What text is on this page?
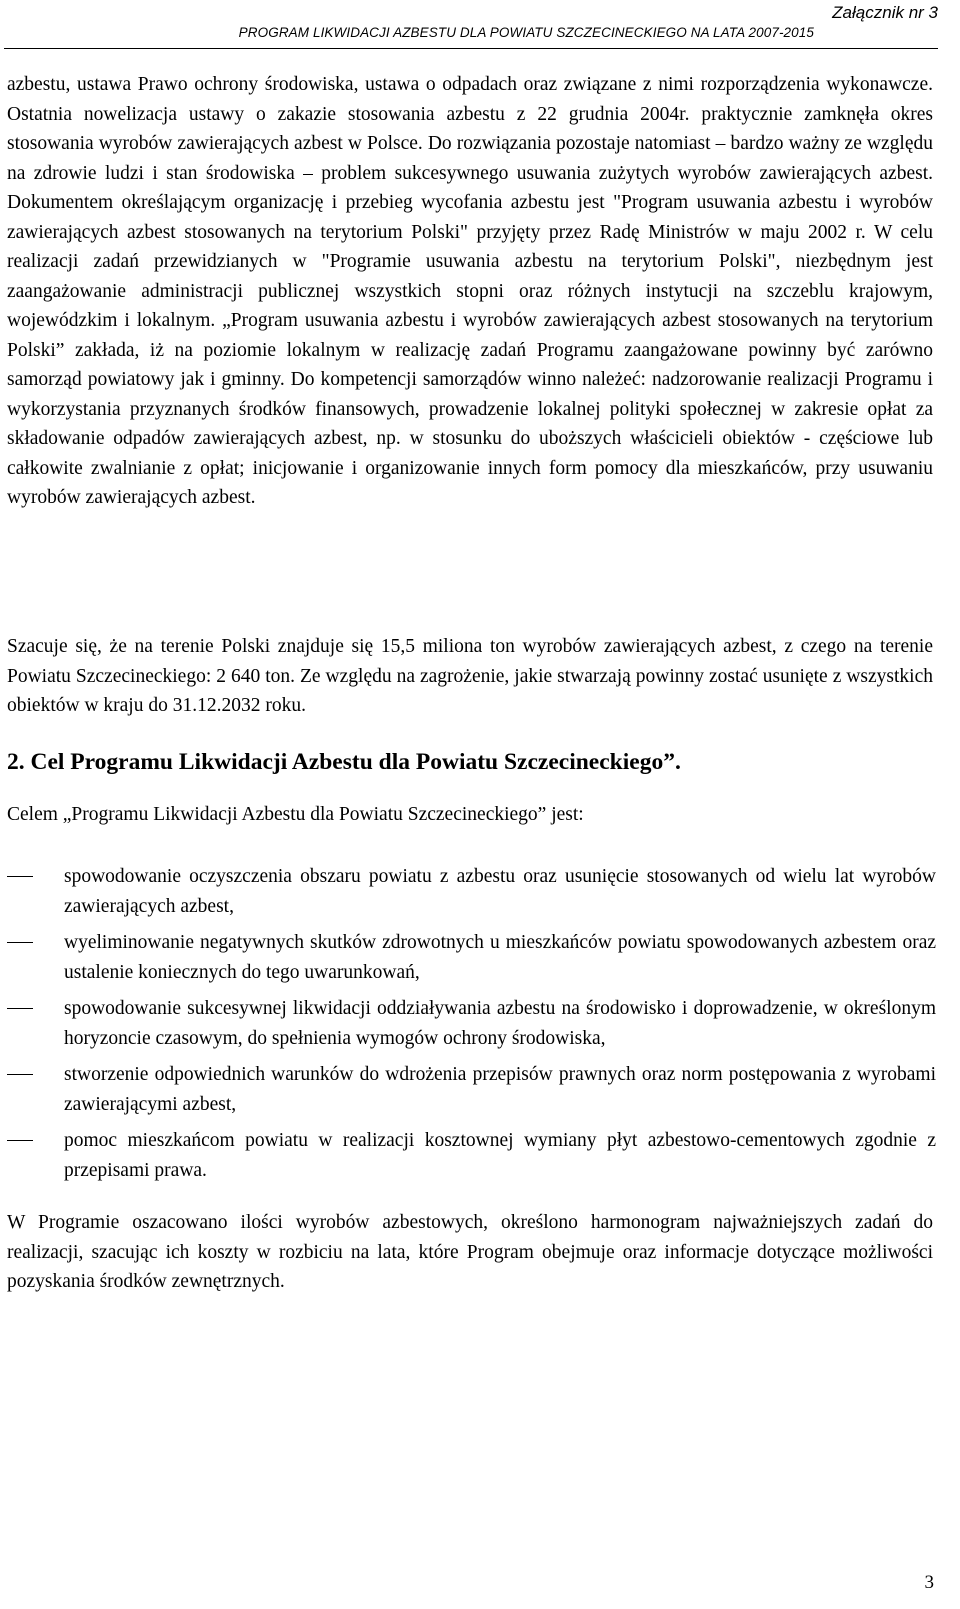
Załącznik nr 3
PROGRAM LIKWIDACJI AZBESTU DLA POWIATU SZCZECINECKIEGO NA LATA 2007-2015

azbestu, ustawa Prawo ochrony środowiska, ustawa o odpadach oraz związane z nimi rozporządzenia wykonawcze. Ostatnia nowelizacja ustawy o zakazie stosowania azbestu z 22 grudnia 2004r. praktycznie zamknęła okres stosowania wyrobów zawierających azbest w Polsce. Do rozwiązania pozostaje natomiast – bardzo ważny ze względu na zdrowie ludzi i stan środowiska – problem sukcesywnego usuwania zużytych wyrobów zawierających azbest. Dokumentem określającym organizację i przebieg wycofania azbestu jest "Program usuwania azbestu i wyrobów zawierających azbest stosowanych na terytorium Polski" przyjęty przez Radę Ministrów w maju 2002 r. W celu realizacji zadań przewidzianych w "Programie usuwania azbestu na terytorium Polski", niezbędnym jest zaangażowanie administracji publicznej wszystkich stopni oraz różnych instytucji na szczeblu krajowym, wojewódzkim i lokalnym. „Program usuwania azbestu i wyrobów zawierających azbest stosowanych na terytorium Polski” zakłada, iż na poziomie lokalnym w realizację zadań Programu zaangażowane powinny być zarówno samorząd powiatowy jak i gminny. Do kompetencji samorządów winno należeć: nadzorowanie realizacji Programu i wykorzystania przyznanych środków finansowych, prowadzenie lokalnej polityki społecznej w zakresie opłat za składowanie odpadów zawierających azbest, np. w stosunku do uboższych właścicieli obiektów - częściowe lub całkowite zwalnianie z opłat; inicjowanie i organizowanie innych form pomocy dla mieszkańców, przy usuwaniu wyrobów zawierających azbest.

Szacuje się, że na terenie Polski znajduje się 15,5 miliona ton wyrobów zawierających azbest, z czego na terenie Powiatu Szczecineckiego: 2 640 ton. Ze względu na zagrożenie, jakie stwarzają powinny zostać usunięte z wszystkich obiektów w kraju do 31.12.2032 roku.

2. Cel Programu Likwidacji Azbestu dla Powiatu Szczecineckiego”.

Celem „Programu Likwidacji Azbestu dla Powiatu Szczecineckiego” jest:

spowodowanie oczyszczenia obszaru powiatu z azbestu oraz usunięcie stosowanych od wielu lat wyrobów zawierających azbest,
wyeliminowanie negatywnych skutków zdrowotnych u mieszkańców powiatu spowodowanych azbestem oraz ustalenie koniecznych do tego uwarunkowań,
spowodowanie sukcesywnej likwidacji oddziaływania azbestu na środowisko i doprowadzenie, w określonym horyzoncie czasowym, do spełnienia wymogów ochrony środowiska,
stworzenie odpowiednich warunków do wdrożenia przepisów prawnych oraz norm postępowania z wyrobami zawierającymi azbest,
pomoc mieszkańcom powiatu w realizacji kosztownej wymiany płyt azbestowo-cementowych zgodnie z przepisami prawa.

W Programie oszacowano ilości wyrobów azbestowych, określono harmonogram najważniejszych zadań do realizacji, szacując ich koszty w rozbiciu na lata, które Program obejmuje oraz informacje dotyczące możliwości pozyskania środków zewnętrznych.

3
